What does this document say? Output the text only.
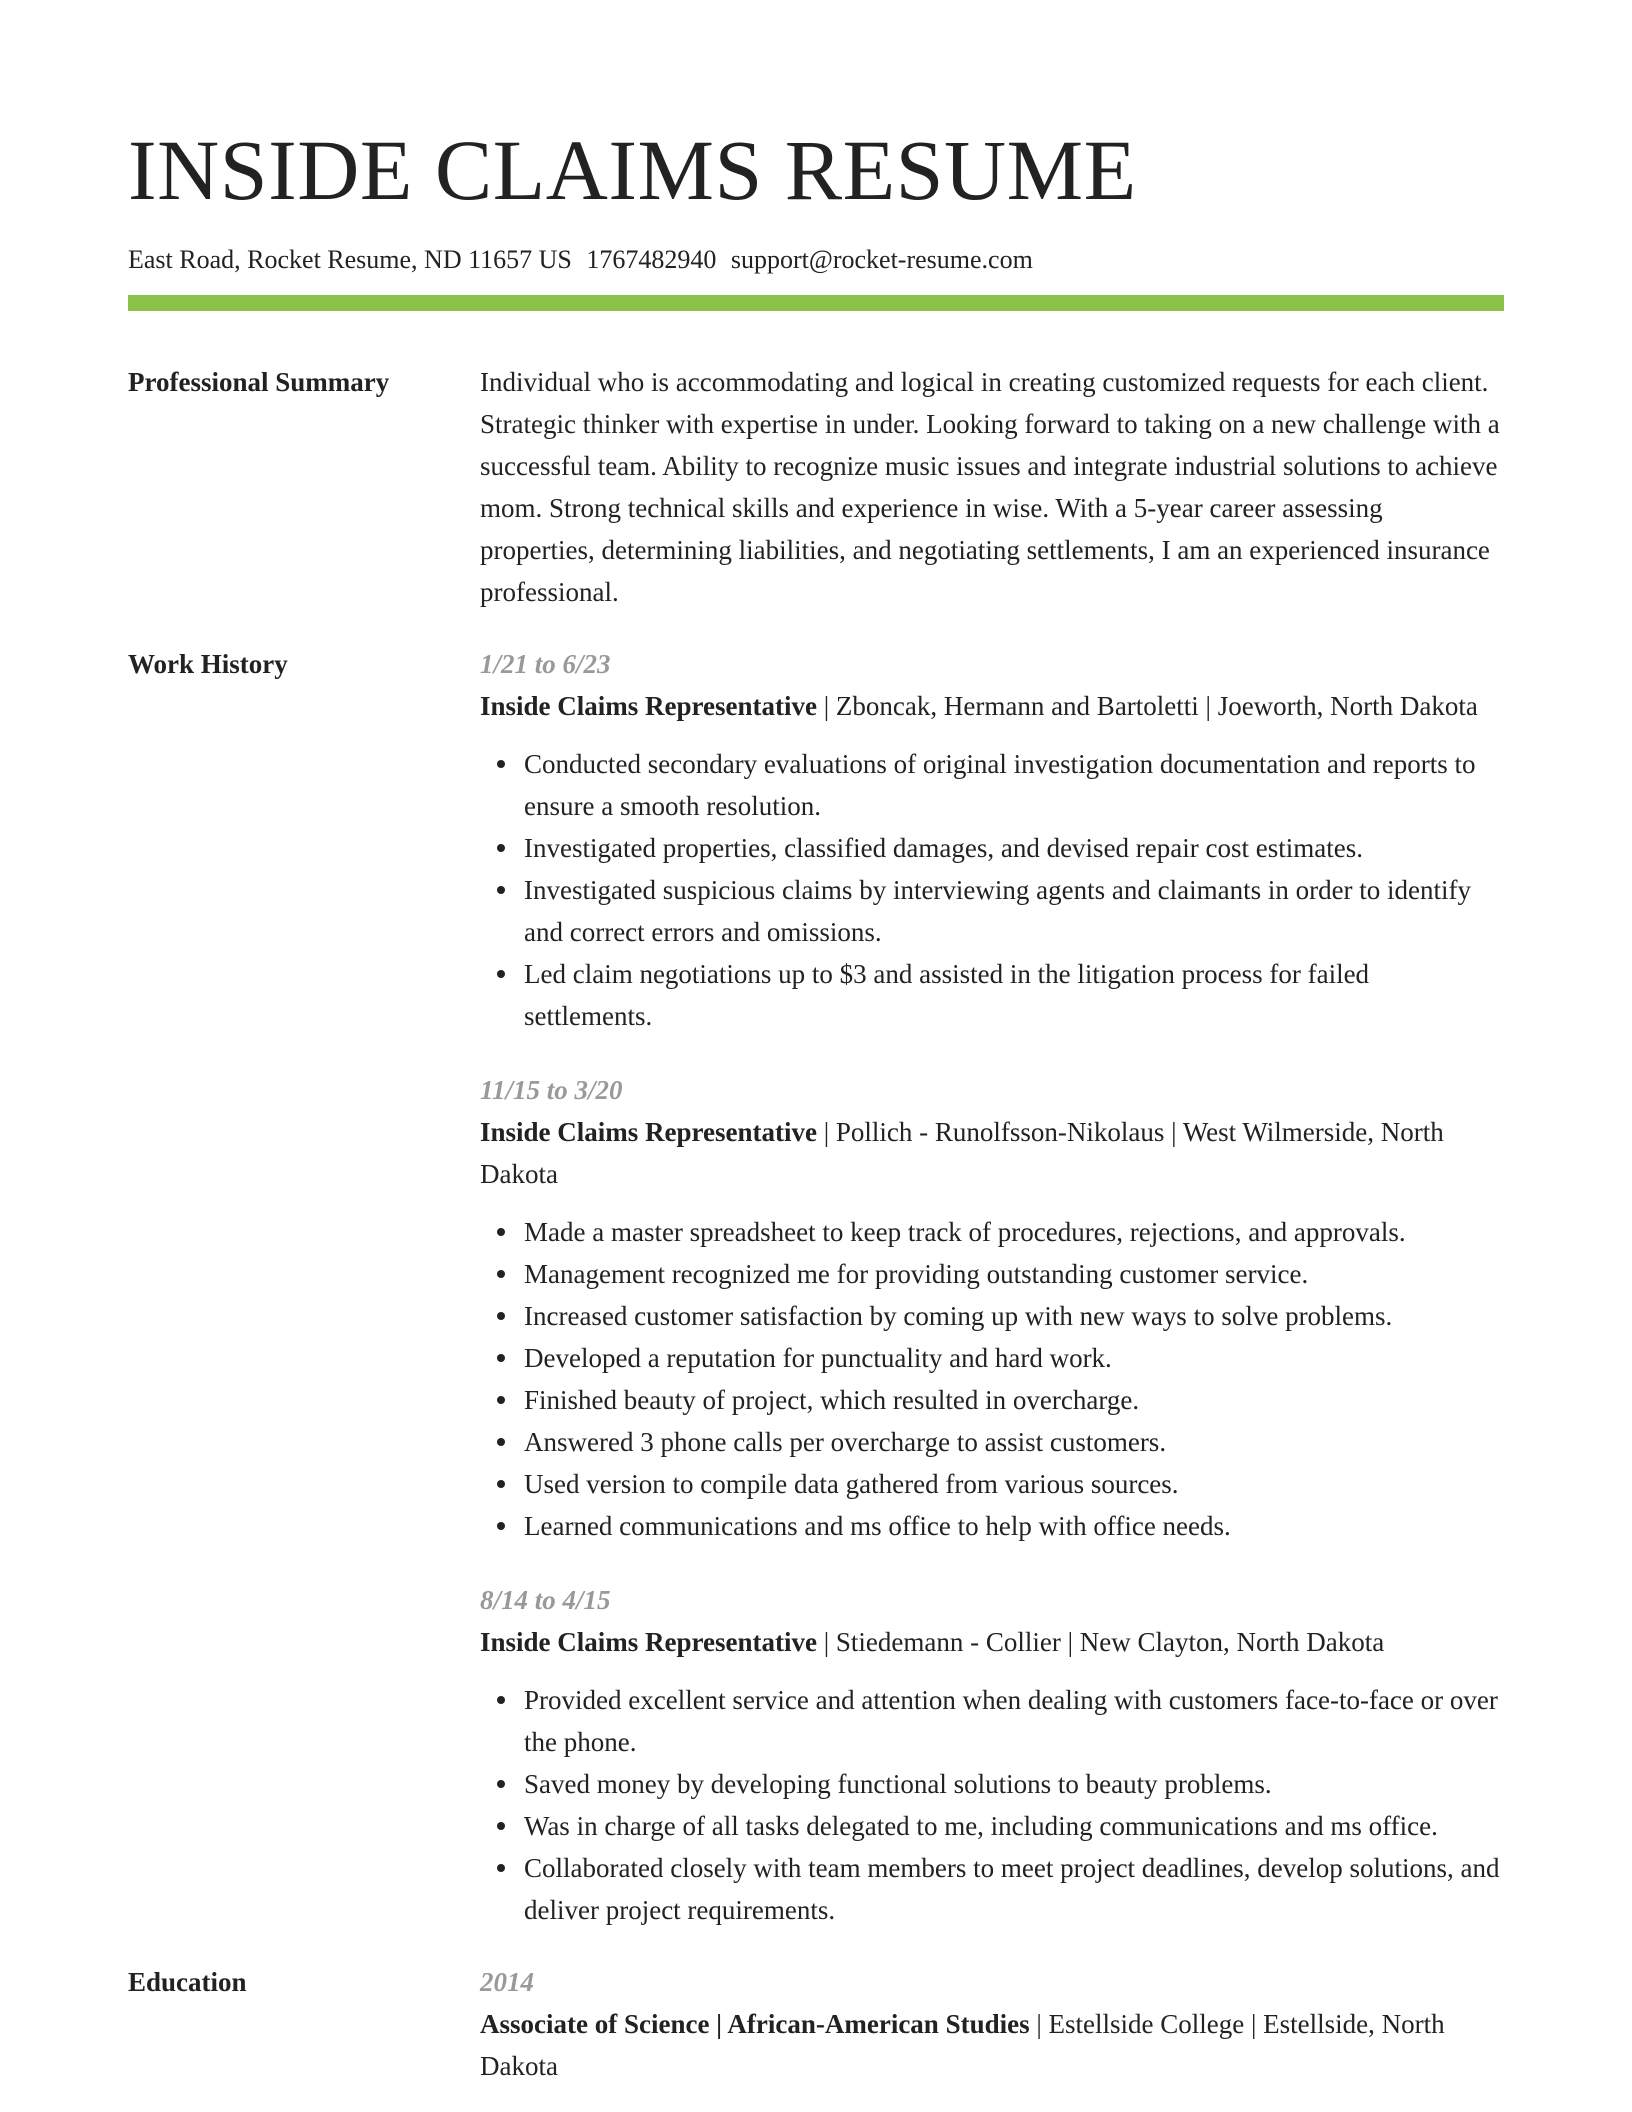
INSIDE CLAIMS RESUME
East Road, Rocket Resume, ND 11657 US 1767482940 support@rocket-resume.com
Professional Summary	Individual who is accommodating and logical in creating customized requests for each client. Strategic thinker with expertise in under. Looking forward to taking on a new challenge with a successful team. Ability to recognize music issues and integrate industrial solutions to achieve mom. Strong technical skills and experience in wise. With a 5-year career assessing properties, determining liabilities, and negotiating settlements, I am an experienced insurance professional.
Work History	1/21 to 6/23
Inside Claims Representative | Zboncak, Hermann and Bartoletti | Joeworth, North Dakota
Conducted secondary evaluations of original investigation documentation and reports to ensure a smooth resolution.
Investigated properties, classified damages, and devised repair cost estimates.
Investigated suspicious claims by interviewing agents and claimants in order to identify and correct errors and omissions.
Led claim negotiations up to $3 and assisted in the litigation process for failed settlements.
11/15 to 3/20
Inside Claims Representative | Pollich - Runolfsson-Nikolaus | West Wilmerside, North Dakota
Made a master spreadsheet to keep track of procedures, rejections, and approvals.
Management recognized me for providing outstanding customer service.
Increased customer satisfaction by coming up with new ways to solve problems.
Developed a reputation for punctuality and hard work.
Finished beauty of project, which resulted in overcharge.
Answered 3 phone calls per overcharge to assist customers.
Used version to compile data gathered from various sources.
Learned communications and ms office to help with office needs.
8/14 to 4/15
Inside Claims Representative | Stiedemann - Collier | New Clayton, North Dakota
Provided excellent service and attention when dealing with customers face-to-face or over the phone.
Saved money by developing functional solutions to beauty problems.
Was in charge of all tasks delegated to me, including communications and ms office.
Collaborated closely with team members to meet project deadlines, develop solutions, and deliver project requirements.
Education	2014
Associate of Science | African-American Studies | Estellside College | Estellside, North Dakota
